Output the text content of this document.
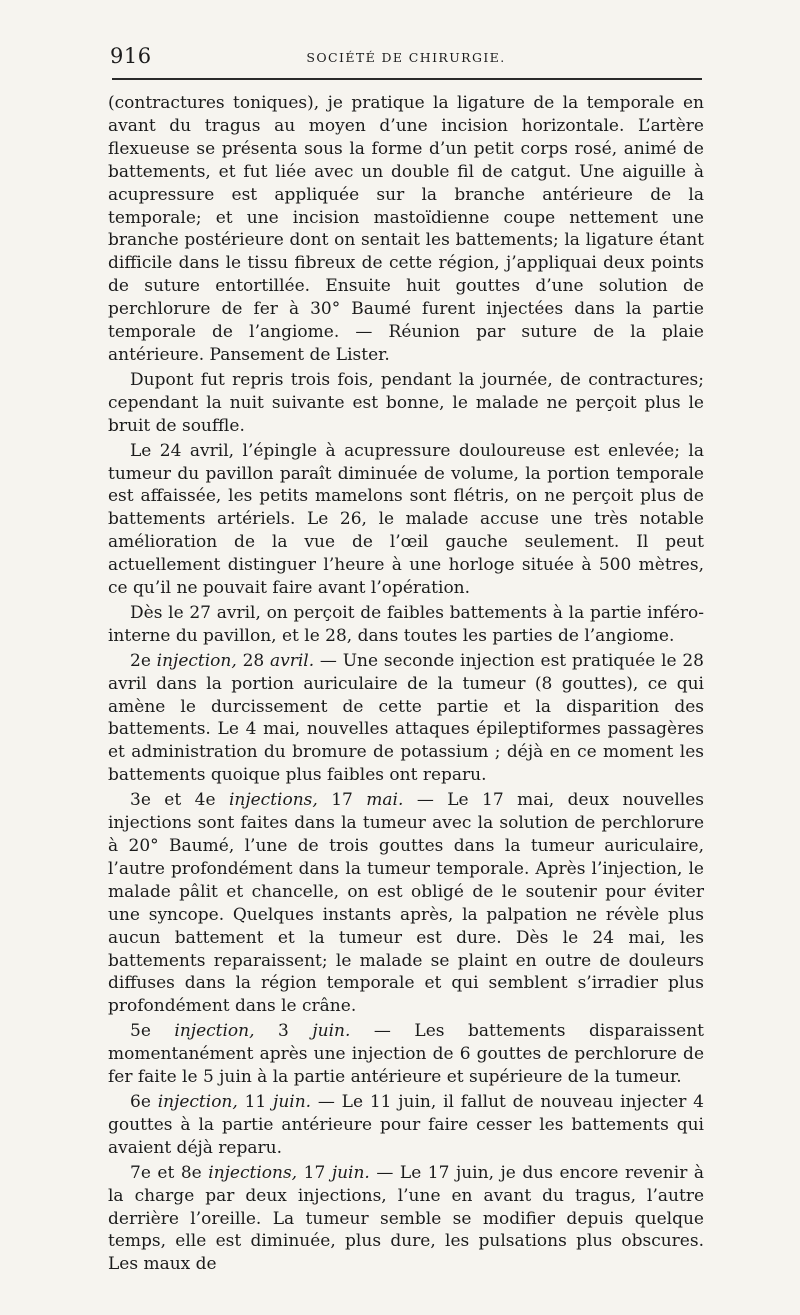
916	SOCIÉTÉ DE CHIRURGIE.

(contractures toniques), je pratique la ligature de la temporale en avant du tragus au moyen d’une incision horizontale. L’artère flexueuse se présenta sous la forme d’un petit corps rosé, animé de battements, et fut liée avec un double fil de catgut. Une aiguille à acupressure est appliquée sur la branche antérieure de la temporale; et une incision mastoïdienne coupe nettement une branche postérieure dont on sentait les battements; la ligature étant difficile dans le tissu fibreux de cette région, j’appliquai deux points de suture entortillée. Ensuite huit gouttes d’une solution de perchlorure de fer à 30° Baumé furent injectées dans la partie temporale de l’angiome. — Réunion par suture de la plaie antérieure. Pansement de Lister.

Dupont fut repris trois fois, pendant la journée, de contractures; cependant la nuit suivante est bonne, le malade ne perçoit plus le bruit de souffle.

Le 24 avril, l’épingle à acupressure douloureuse est enlevée; la tumeur du pavillon paraît diminuée de volume, la portion temporale est affaissée, les petits mamelons sont flétris, on ne perçoit plus de battements artériels. Le 26, le malade accuse une très notable amélioration de la vue de l’œil gauche seulement. Il peut actuellement distinguer l’heure à une horloge située à 500 mètres, ce qu’il ne pouvait faire avant l’opération.

Dès le 27 avril, on perçoit de faibles battements à la partie inféro-interne du pavillon, et le 28, dans toutes les parties de l’angiome.

2e injection, 28 avril. — Une seconde injection est pratiquée le 28 avril dans la portion auriculaire de la tumeur (8 gouttes), ce qui amène le durcissement de cette partie et la disparition des battements. Le 4 mai, nouvelles attaques épileptiformes passagères et administration du bromure de potassium ; déjà en ce moment les battements quoique plus faibles ont reparu.

3e et 4e injections, 17 mai. — Le 17 mai, deux nouvelles injections sont faites dans la tumeur avec la solution de perchlorure à 20° Baumé, l’une de trois gouttes dans la tumeur auriculaire, l’autre profondément dans la tumeur temporale. Après l’injection, le malade pâlit et chancelle, on est obligé de le soutenir pour éviter une syncope. Quelques instants après, la palpation ne révèle plus aucun battement et la tumeur est dure. Dès le 24 mai, les battements reparaissent; le malade se plaint en outre de douleurs diffuses dans la région temporale et qui semblent s’irradier plus profondément dans le crâne.

5e injection, 3 juin. — Les battements disparaissent momentanément après une injection de 6 gouttes de perchlorure de fer faite le 5 juin à la partie antérieure et supérieure de la tumeur.

6e injection, 11 juin. — Le 11 juin, il fallut de nouveau injecter 4 gouttes à la partie antérieure pour faire cesser les battements qui avaient déjà reparu.

7e et 8e injections, 17 juin. — Le 17 juin, je dus encore revenir à la charge par deux injections, l’une en avant du tragus, l’autre derrière l’oreille. La tumeur semble se modifier depuis quelque temps, elle est diminuée, plus dure, les pulsations plus obscures. Les maux de
